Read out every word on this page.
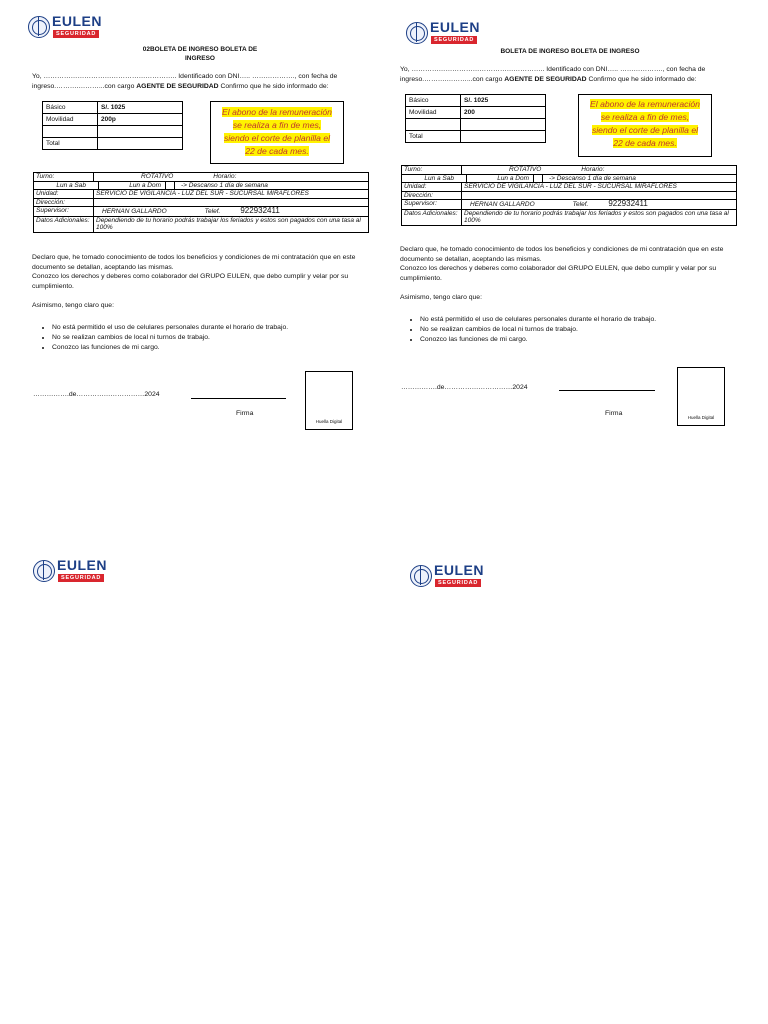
EULEN
SEGURIDAD	EULEN
SEGURIDAD
EULEN
SEGURIDAD	EULEN
SEGURIDAD
02BOLETA DE INGRESO BOLETA DE
INGRESO
Yo, ………………………………………………….. Identificado con DNI….. ………………., con fecha de
ingreso.……….………...con cargo AGENTE DE SEGURIDAD Confirmo que he sido informado de:
Básico	S/. 1025
Movilidad	200p

Total	
El abono de la remuneración
se realiza a fin de mes,
siendo el corte de planilla el
22 de cada mes.
Turno:	ROTATIVO Horario:
Lun a Sab Lun a Dom -> Descanso 1 día de semana	
Unidad:	SERVICIO DE VIGILANCIA - LUZ DEL SUR - SUCURSAL MIRAFLORES
Dirección:	
Supervisor:	HERNAN GALLARDO Telef. 922932411
Datos Adicionales:	Dependiendo de tu horario podrás trabajar los feriados y estos son pagados con una tasa al 100%
Declaro que, he tomado conocimiento de todos los beneficios y condiciones de mi contratación que en este documento se detallan, aceptando las mismas.
Conozco los derechos y deberes como colaborador del GRUPO EULEN, que debo cumplir y velar por su cumplimiento.
Asimismo, tengo claro que:
• No está permitido el uso de celulares personales durante el horario de trabajo.
• No se realizan cambios de local ni turnos de trabajo.
• Conozco las funciones de mi cargo.
…………….de…………………………2024
Firma
Huella Digital
BOLETA DE INGRESO BOLETA DE INGRESO
Yo, ………………………………………………….. Identificado con DNI….. ………………., con fecha de
ingreso.……….………...con cargo AGENTE DE SEGURIDAD Confirmo que he sido informado de:
Básico	S/. 1025
Movilidad	200

Total	
El abono de la remuneración
se realiza a fin de mes,
siendo el corte de planilla el
22 de cada mes.
Turno:	ROTATIVO Horario:
Lun a Sab Lun a Dom -> Descanso 1 día de semana	
Unidad:	SERVICIO DE VIGILANCIA - LUZ DEL SUR - SUCURSAL MIRAFLORES
Dirección:	
Supervisor:	HERNAN GALLARDO Telef. 922932411
Datos Adicionales:	Dependiendo de tu horario podrás trabajar los feriados y estos son pagados con una tasa al 100%
Declaro que, he tomado conocimiento de todos los beneficios y condiciones de mi contratación que en este documento se detallan, aceptando las mismas.
Conozco los derechos y deberes como colaborador del GRUPO EULEN, que debo cumplir y velar por su cumplimiento.
Asimismo, tengo claro que:
• No está permitido el uso de celulares personales durante el horario de trabajo.
• No se realizan cambios de local ni turnos de trabajo.
• Conozco las funciones de mi cargo.
…………….de…………………………2024
Firma
Huella Digital
